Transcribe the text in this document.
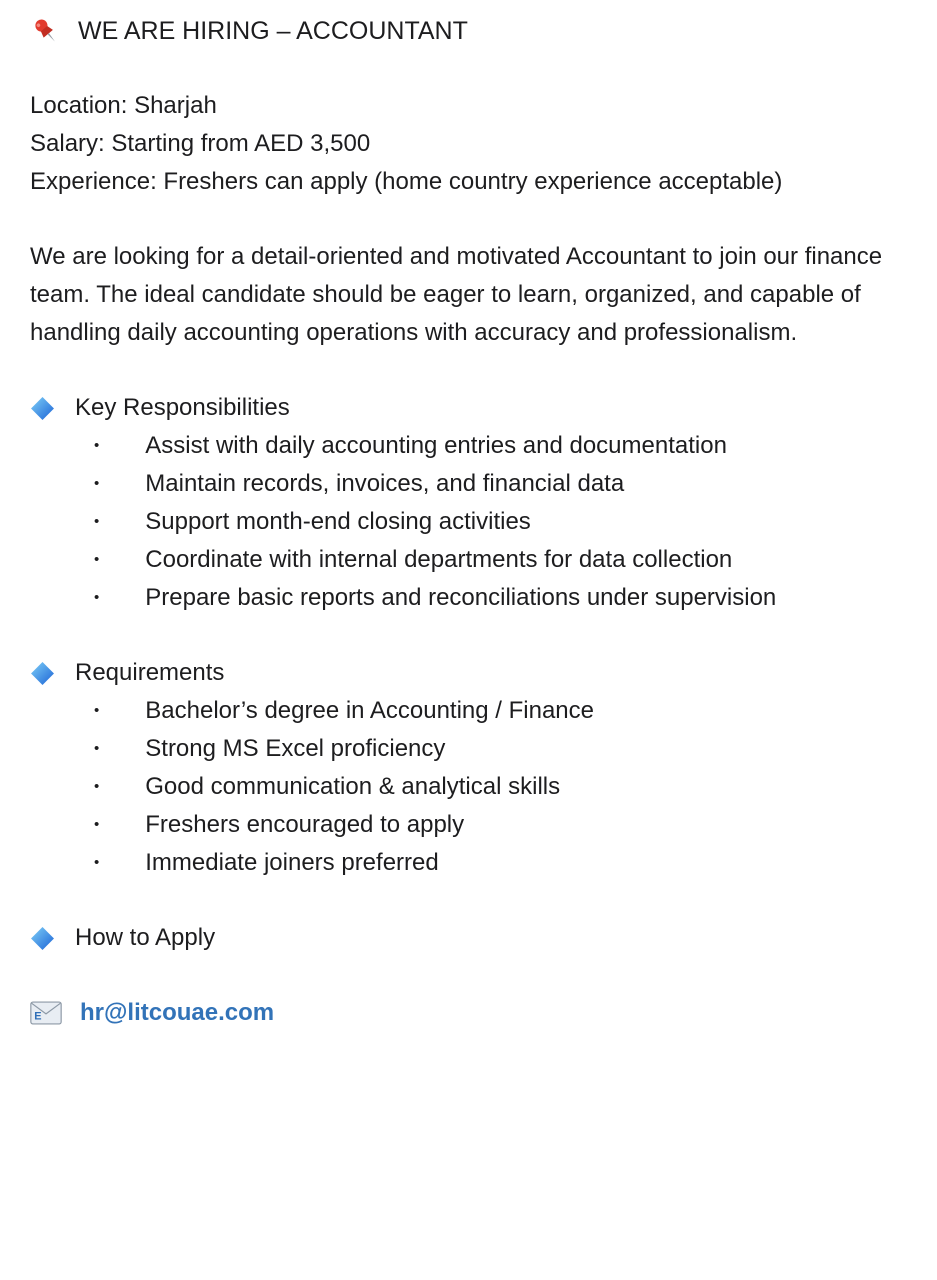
WE ARE HIRING – ACCOUNTANT
Location: Sharjah
Salary: Starting from AED 3,500
Experience: Freshers can apply (home country experience acceptable)
We are looking for a detail-oriented and motivated Accountant to join our finance team. The ideal candidate should be eager to learn, organized, and capable of handling daily accounting operations with accuracy and professionalism.
Key Responsibilities
• Assist with daily accounting entries and documentation
• Maintain records, invoices, and financial data
• Support month-end closing activities
• Coordinate with internal departments for data collection
• Prepare basic reports and reconciliations under supervision
Requirements
• Bachelor’s degree in Accounting / Finance
• Strong MS Excel proficiency
• Good communication & analytical skills
• Freshers encouraged to apply
• Immediate joiners preferred
How to Apply
E hr@litcouae.com
